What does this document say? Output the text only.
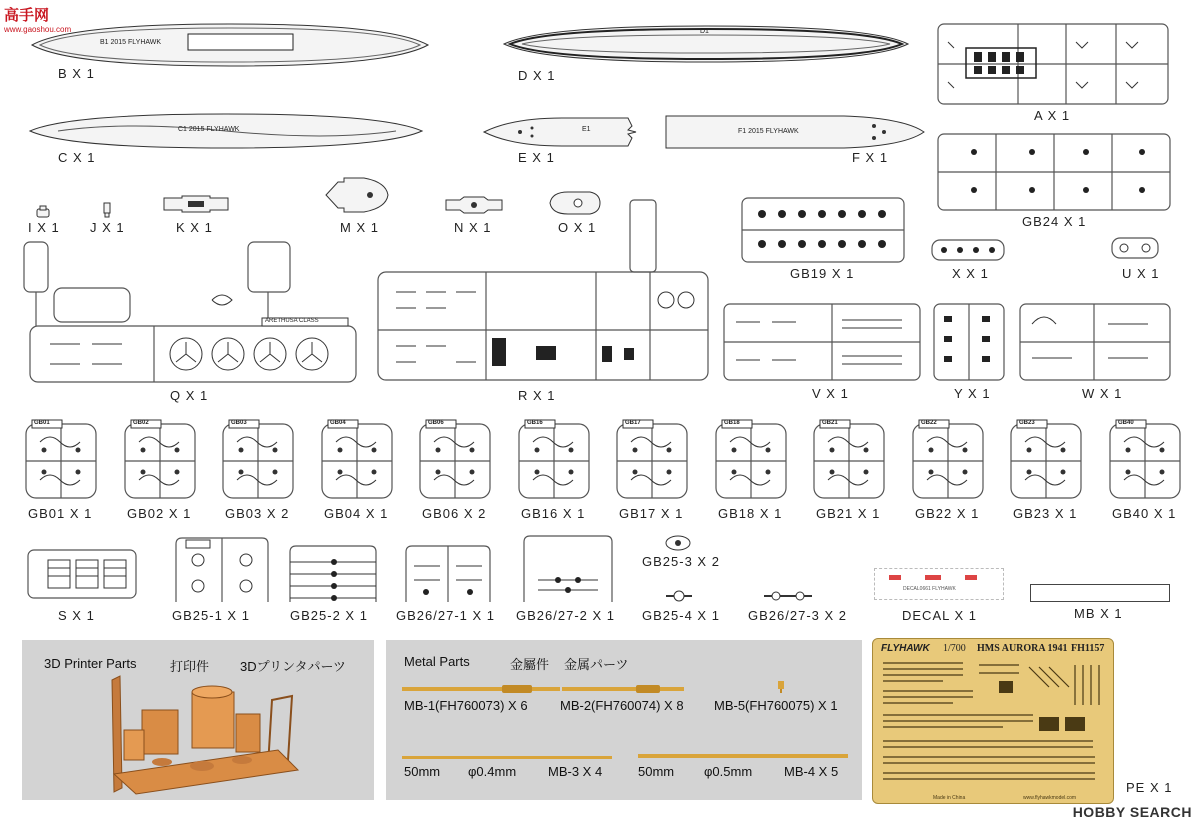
高手网
www.gaoshou.com
B1 2015 FLYHAWK
B X 1
D1
D X 1
C1 2015 FLYHAWK
C X 1
E1
E X 1
F1 2015 FLYHAWK
F X 1
A X 1
I X 1 J X 1	K X 1	M X 1	N X 1	O X 1	GB24 X 1
GB19 X 1	X X 1	U X 1
ARETHUSA CLASS
Q X 1	R X 1	V X 1	Y X 1	W X 1
GB01
GB01 X 1
GB02
GB02 X 1
GB03
GB03 X 2
GB04
GB04 X 1
GB06
GB06 X 2
GB16
GB16 X 1
GB17
GB17 X 1
GB18
GB18 X 1
GB21
GB21 X 1
GB22
GB22 X 1
GB23
GB23 X 1
GB40
GB40 X 1
S X 1	GB25-1 X 1	GB25-2 X 1 GB26/27-1 X 1 GB26/27-2 X 1
GB25-3 X 2
GB25-4 X 1 GB26/27-3 X 2
DECAL0661 FLYHAWK
DECAL X 1	MB X 1
3D Printer Parts	打印件 3Dプリンタパーツ	Metal Parts	金屬件 金属パーツ
MB-1(FH760073) X 6 MB-2(FH760074) X 8 MB-5(FH760075) X 1
50mm φ0.4mm MB-3 X 4	50mm φ0.5mm MB-4 X 5
FLYHAWK 1/700 HMS AURORA 1941 FH1157
Made in China	www.flyhawkmodel.com
PE X 1
HOBBY SEARCH
